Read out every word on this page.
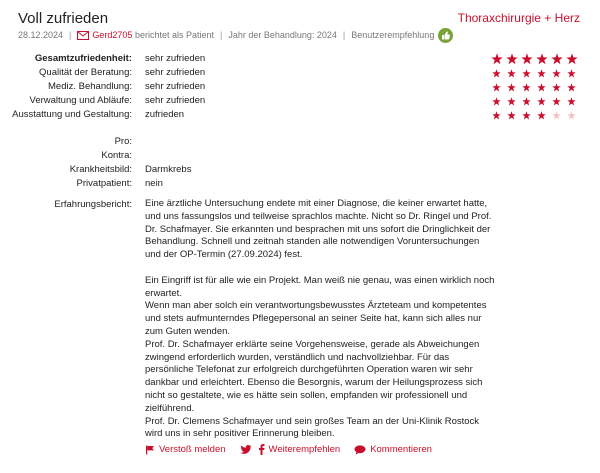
Voll zufrieden	Thoraxchirurgie + Herz
28.12.2024 | Gerd2705
berichtet als Patient | Jahr der Behandlung: 2024 | Benutzerempfehlung
Gesamtzufriedenheit: sehr zufrieden
Qualität der Beratung: sehr zufrieden
Mediz. Behandlung: sehr zufrieden
Verwaltung und Abläufe: sehr zufrieden
Ausstattung und Gestaltung: zufrieden
Pro:
Kontra:
Krankheitsbild: Darmkrebs
Privatpatient: nein
Erfahrungsbericht: Eine ärztliche Untersuchung endete mit einer Diagnose, die keiner erwartet hatte, und uns fassungslos und teilweise sprachlos machte. Nicht so Dr. Ringel und Prof. Dr. Schafmayer. Sie erkannten und besprachen mit uns sofort die Dringlichkeit der Behandlung. Schnell und zeitnah standen alle notwendigen Voruntersuchungen und der OP-Termin (27.09.2024) fest.

Ein Eingriff ist für alle wie ein Projekt. Man weiß nie genau, was einen wirklich noch erwartet.
Wenn man aber solch ein verantwortungsbewusstes Ärzteteam und kompetentes und stets aufmunterndes Pflegepersonal an seiner Seite hat, kann sich alles nur zum Guten wenden.
Prof. Dr. Schafmayer erklärte seine Vorgehensweise, gerade als Abweichungen zwingend erforderlich wurden, verständlich und nachvollziehbar. Für das persönliche Telefonat zur erfolgreich durchgeführten Operation waren wir sehr dankbar und erleichtert. Ebenso die Besorgnis, warum der Heilungsprozess sich nicht so gestaltete, wie es hätte sein sollen, empfanden wir professionell und zielführend.
Prof. Dr. Clemens Schafmayer und sein großes Team an der Uni-Klinik Rostock wird uns in sehr positiver Erinnerung bleiben.

Verstoß melden	Weiterempfehlen	Kommentieren
